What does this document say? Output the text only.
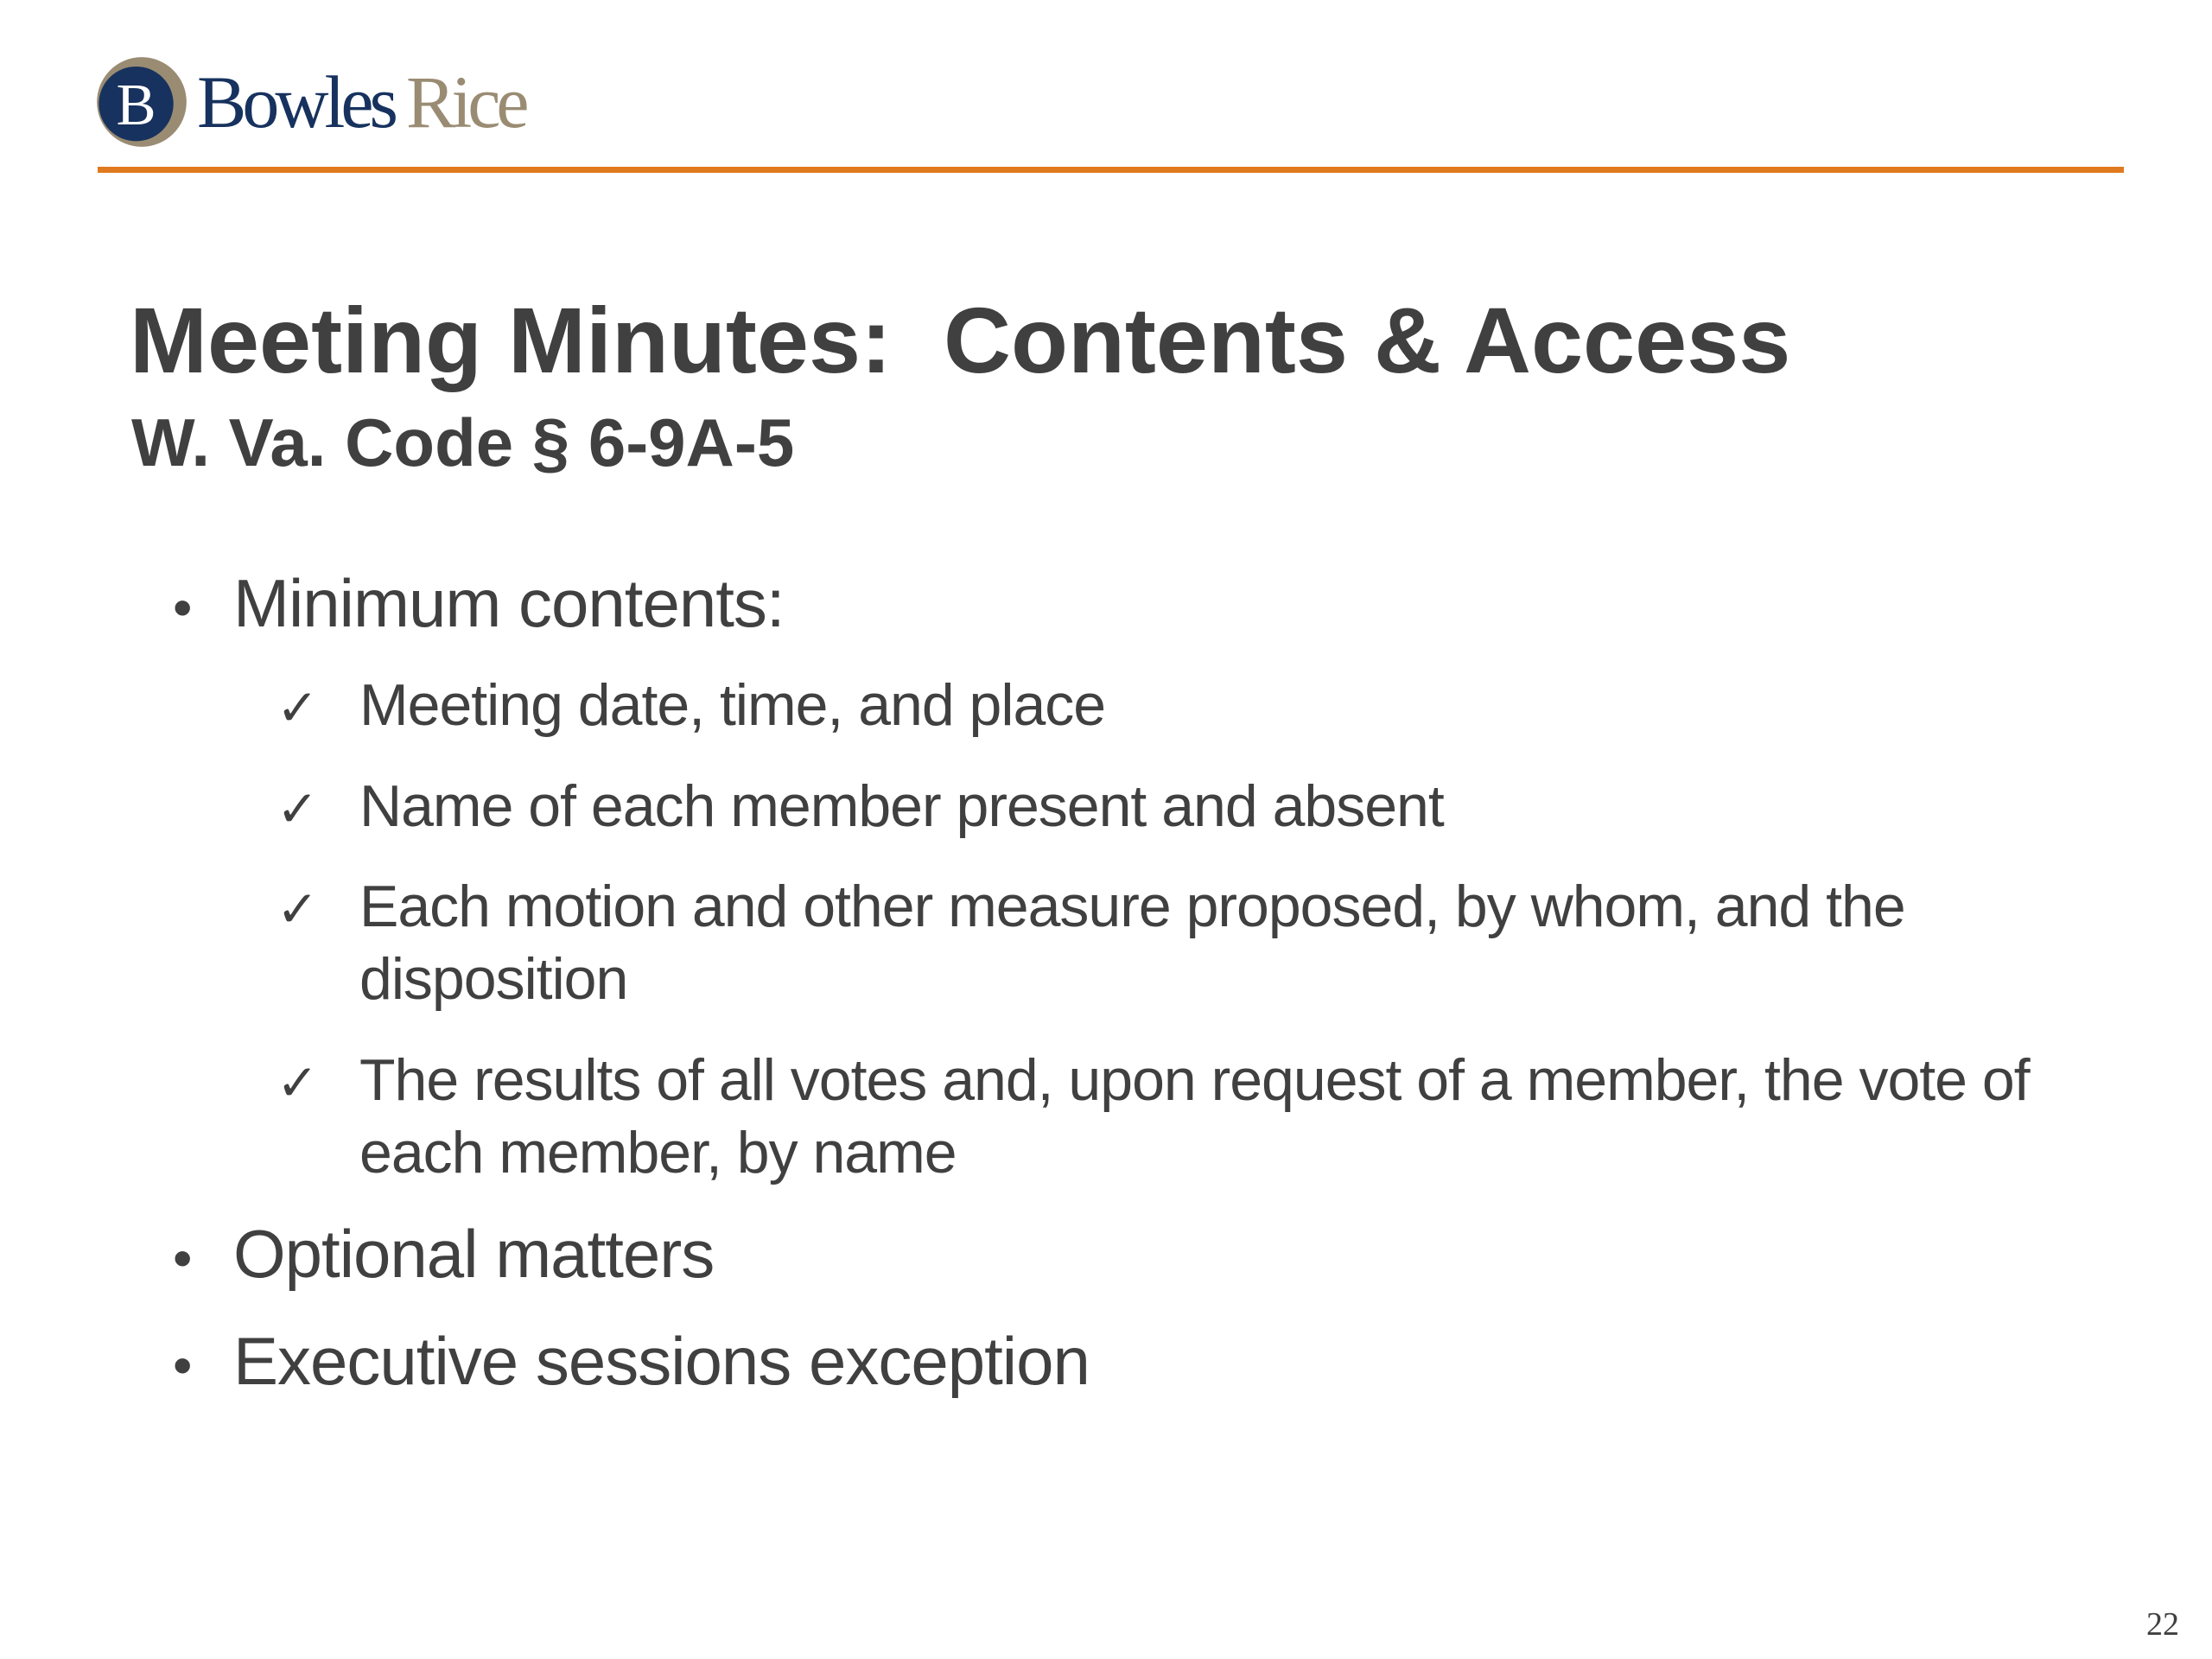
B Bowles Rice
Meeting Minutes:  Contents & Access
W. Va. Code § 6-9A-5
• Minimum contents:
✓ Meeting date, time, and place
✓ Name of each member present and absent
✓ Each motion and other measure proposed, by whom, and the disposition
✓ The results of all votes and, upon request of a member, the vote of each member, by name
• Optional matters
• Executive sessions exception
22
